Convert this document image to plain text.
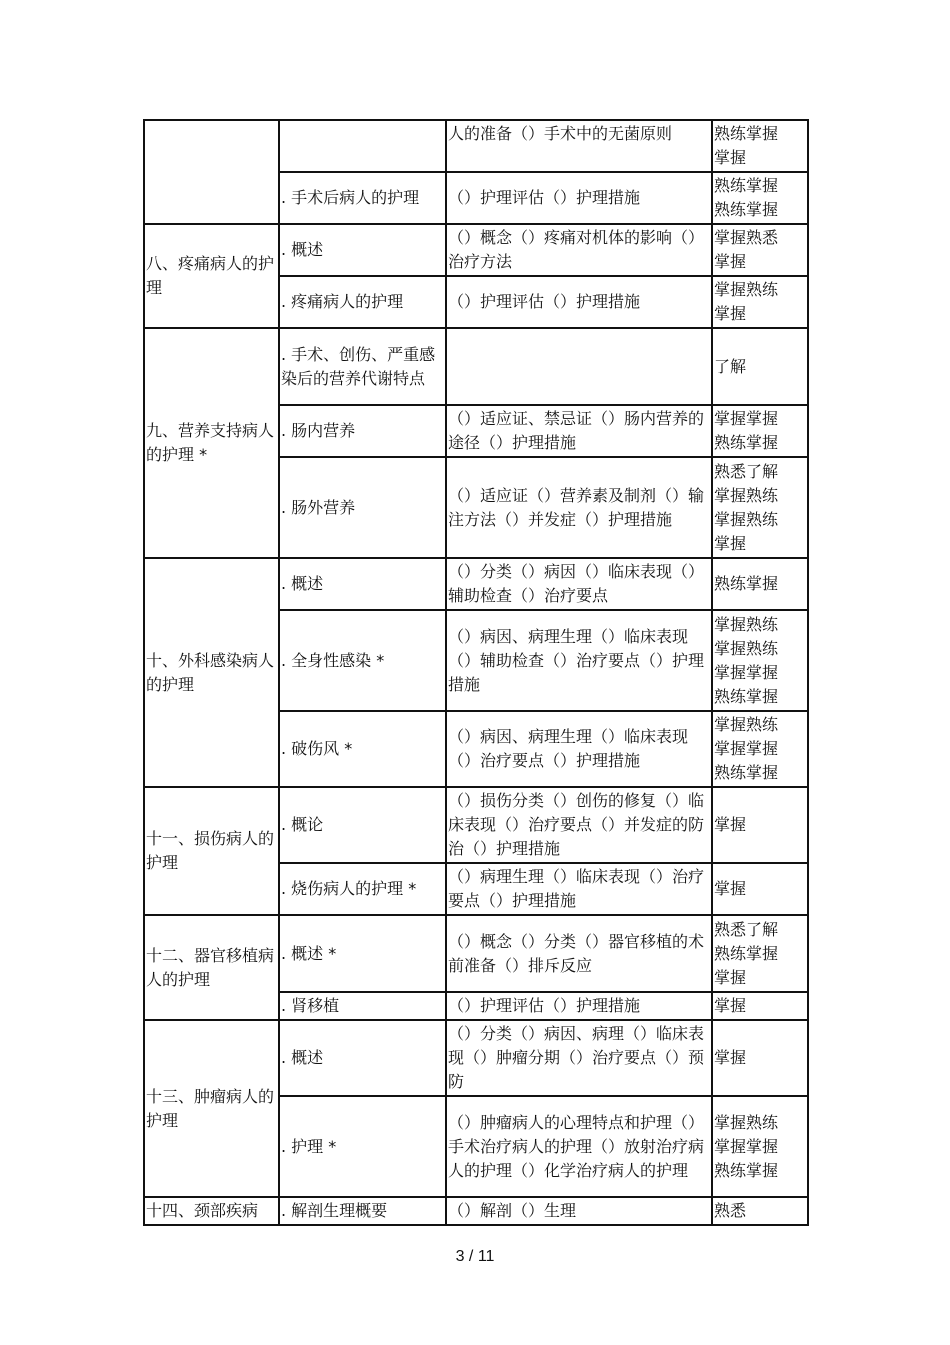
		人的准备（）手术中的无菌原则	熟练掌握
掌握
	. 手术后病人的护理	（）护理评估（）护理措施	熟练掌握
熟练掌握
八、疼痛病人的护理	. 概述	（）概念（）疼痛对机体的影响（）治疗方法	掌握熟悉
掌握
	. 疼痛病人的护理	（）护理评估（）护理措施	掌握熟练
掌握
九、营养支持病人的护理 *	. 手术、创伤、严重感染后的营养代谢特点		了解
	. 肠内营养	（）适应证、禁忌证（）肠内营养的途径（）护理措施	掌握掌握
熟练掌握
	. 肠外营养	（）适应证（）营养素及制剂（）输注方法（）并发症（）护理措施	熟悉了解
掌握熟练
掌握熟练
掌握
十、外科感染病人的护理	. 概述	（）分类（）病因（）临床表现（）辅助检查（）治疗要点	熟练掌握
	. 全身性感染 *	（）病因、病理生理（）临床表现（）辅助检查（）治疗要点（）护理措施	掌握熟练
掌握熟练
掌握掌握
熟练掌握
	. 破伤风 *	（）病因、病理生理（）临床表现（）治疗要点（）护理措施	掌握熟练
掌握掌握
熟练掌握
十一、损伤病人的护理	. 概论	（）损伤分类（）创伤的修复（）临床表现（）治疗要点（）并发症的防治（）护理措施	掌握
	. 烧伤病人的护理 *	（）病理生理（）临床表现（）治疗要点（）护理措施	掌握
十二、器官移植病人的护理	. 概述 *	（）概念（）分类（）器官移植的术前准备（）排斥反应	熟悉了解
熟练掌握
掌握
	. 肾移植	（）护理评估（）护理措施	掌握
十三、肿瘤病人的护理	. 概述	（）分类（）病因、病理（）临床表现（）肿瘤分期（）治疗要点（）预防	掌握
	. 护理 *	（）肿瘤病人的心理特点和护理（）手术治疗病人的护理（）放射治疗病人的护理（）化学治疗病人的护理	掌握熟练
掌握掌握
熟练掌握
十四、颈部疾病	. 解剖生理概要	（）解剖（）生理	熟悉
3 / 11
